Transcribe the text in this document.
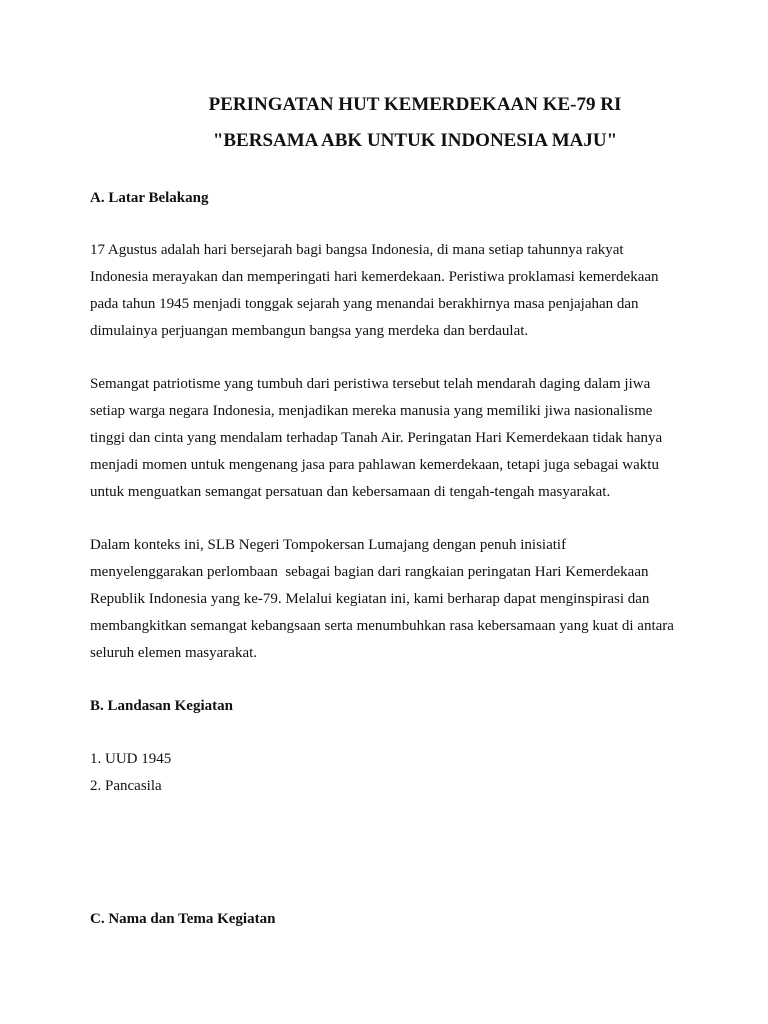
PERINGATAN HUT KEMERDEKAAN KE-79 RI
"BERSAMA ABK UNTUK INDONESIA MAJU"
A. Latar Belakang

17 Agustus adalah hari bersejarah bagi bangsa Indonesia, di mana setiap tahunnya rakyat
Indonesia merayakan dan memperingati hari kemerdekaan. Peristiwa proklamasi kemerdekaan
pada tahun 1945 menjadi tonggak sejarah yang menandai berakhirnya masa penjajahan dan
dimulainya perjuangan membangun bangsa yang merdeka dan berdaulat.

Semangat patriotisme yang tumbuh dari peristiwa tersebut telah mendarah daging dalam jiwa
setiap warga negara Indonesia, menjadikan mereka manusia yang memiliki jiwa nasionalisme
tinggi dan cinta yang mendalam terhadap Tanah Air. Peringatan Hari Kemerdekaan tidak hanya
menjadi momen untuk mengenang jasa para pahlawan kemerdekaan, tetapi juga sebagai waktu
untuk menguatkan semangat persatuan dan kebersamaan di tengah-tengah masyarakat.

Dalam konteks ini, SLB Negeri Tompokersan Lumajang dengan penuh inisiatif
menyelenggarakan perlombaan  sebagai bagian dari rangkaian peringatan Hari Kemerdekaan
Republik Indonesia yang ke-79. Melalui kegiatan ini, kami berharap dapat menginspirasi dan
membangkitkan semangat kebangsaan serta menumbuhkan rasa kebersamaan yang kuat di antara
seluruh elemen masyarakat.

B. Landasan Kegiatan
1. UUD 1945
2. Pancasila
C. Nama dan Tema Kegiatan
